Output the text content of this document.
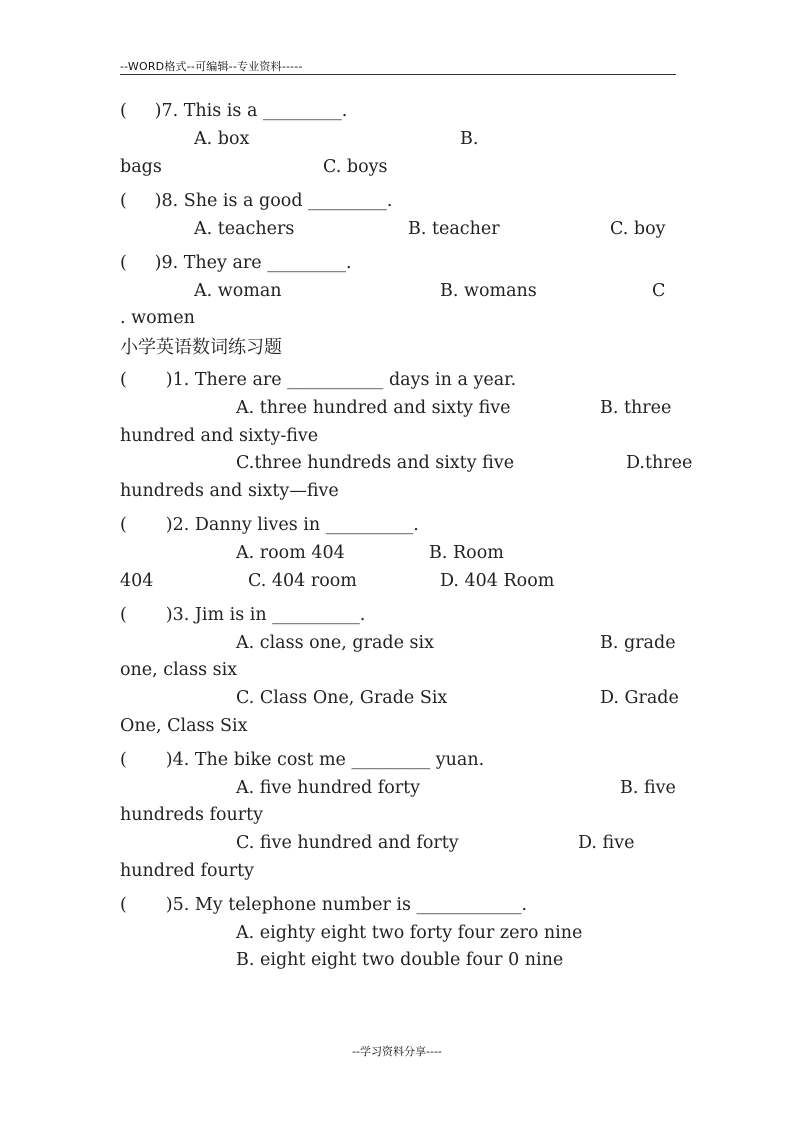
--WORD格式--可编辑--专业资料-----
(     )7. This is a _________.
A. box	B.
bags	C. boys
(     )8. She is a good _________.
A. teachers	B. teacher	C. boy
(     )9. They are _________.
A. woman	B. womans	C
. women
小学英语数词练习题
(       )1. There are ___________ days in a year.
A. three hundred and sixty five	B. three
hundred and sixty-five
C.three hundreds and sixty five	D.three
hundreds and sixty—five
(       )2. Danny lives in __________.
A. room 404	B. Room
404	C. 404 room	D. 404 Room
(       )3. Jim is in __________.
A. class one, grade six	B. grade
one, class six
C. Class One, Grade Six	D. Grade
One, Class Six
(       )4. The bike cost me _________ yuan.
A. five hundred forty	B. five
hundreds fourty
C. five hundred and forty	D. five
hundred fourty
(       )5. My telephone number is ____________.
A. eighty eight two forty four zero nine
B. eight eight two double four 0 nine
--学习资料分享----
